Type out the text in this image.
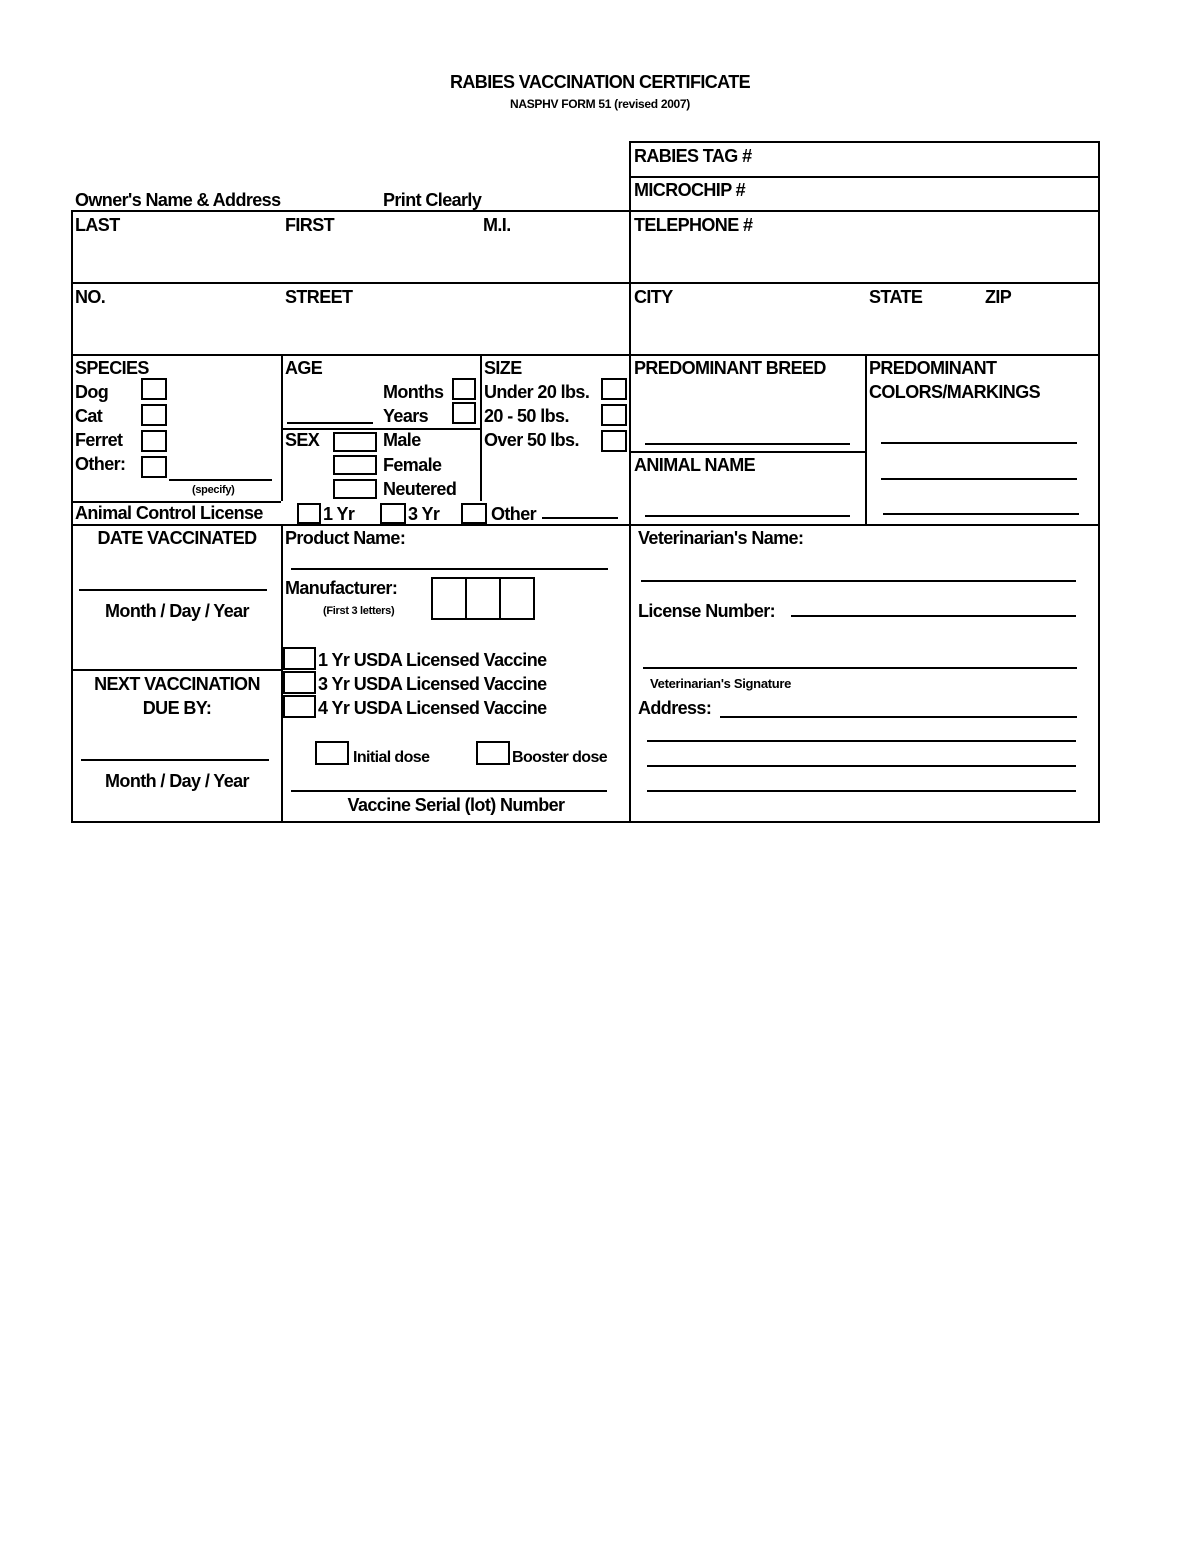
RABIES VACCINATION CERTIFICATE
NASPHV FORM 51 (revised 2007)
RABIES TAG #
MICROCHIP #
Owner's Name & Address	Print Clearly
LAST	FIRST	M.I.	TELEPHONE #
NO.	STREET	CITY	STATE	ZIP
SPECIES
Dog
Cat
Ferret
Other:
(specify)
AGE
Months
Years
SEX	Male
Female
Neutered
SIZE
Under 20 lbs.
20 - 50 lbs.
Over 50 lbs.
PREDOMINANT BREED
ANIMAL NAME
PREDOMINANT
COLORS/MARKINGS
Animal Control License	1 Yr	3 Yr	Other
DATE VACCINATED
Month / Day / Year
NEXT VACCINATION
DUE BY:
Month / Day / Year
Product Name:
Manufacturer:
(First 3 letters)
1 Yr USDA Licensed Vaccine
3 Yr USDA Licensed Vaccine
4 Yr USDA Licensed Vaccine
Initial dose	Booster dose
Vaccine Serial (lot) Number
Veterinarian's Name:
License Number:
Veterinarian's Signature
Address:
